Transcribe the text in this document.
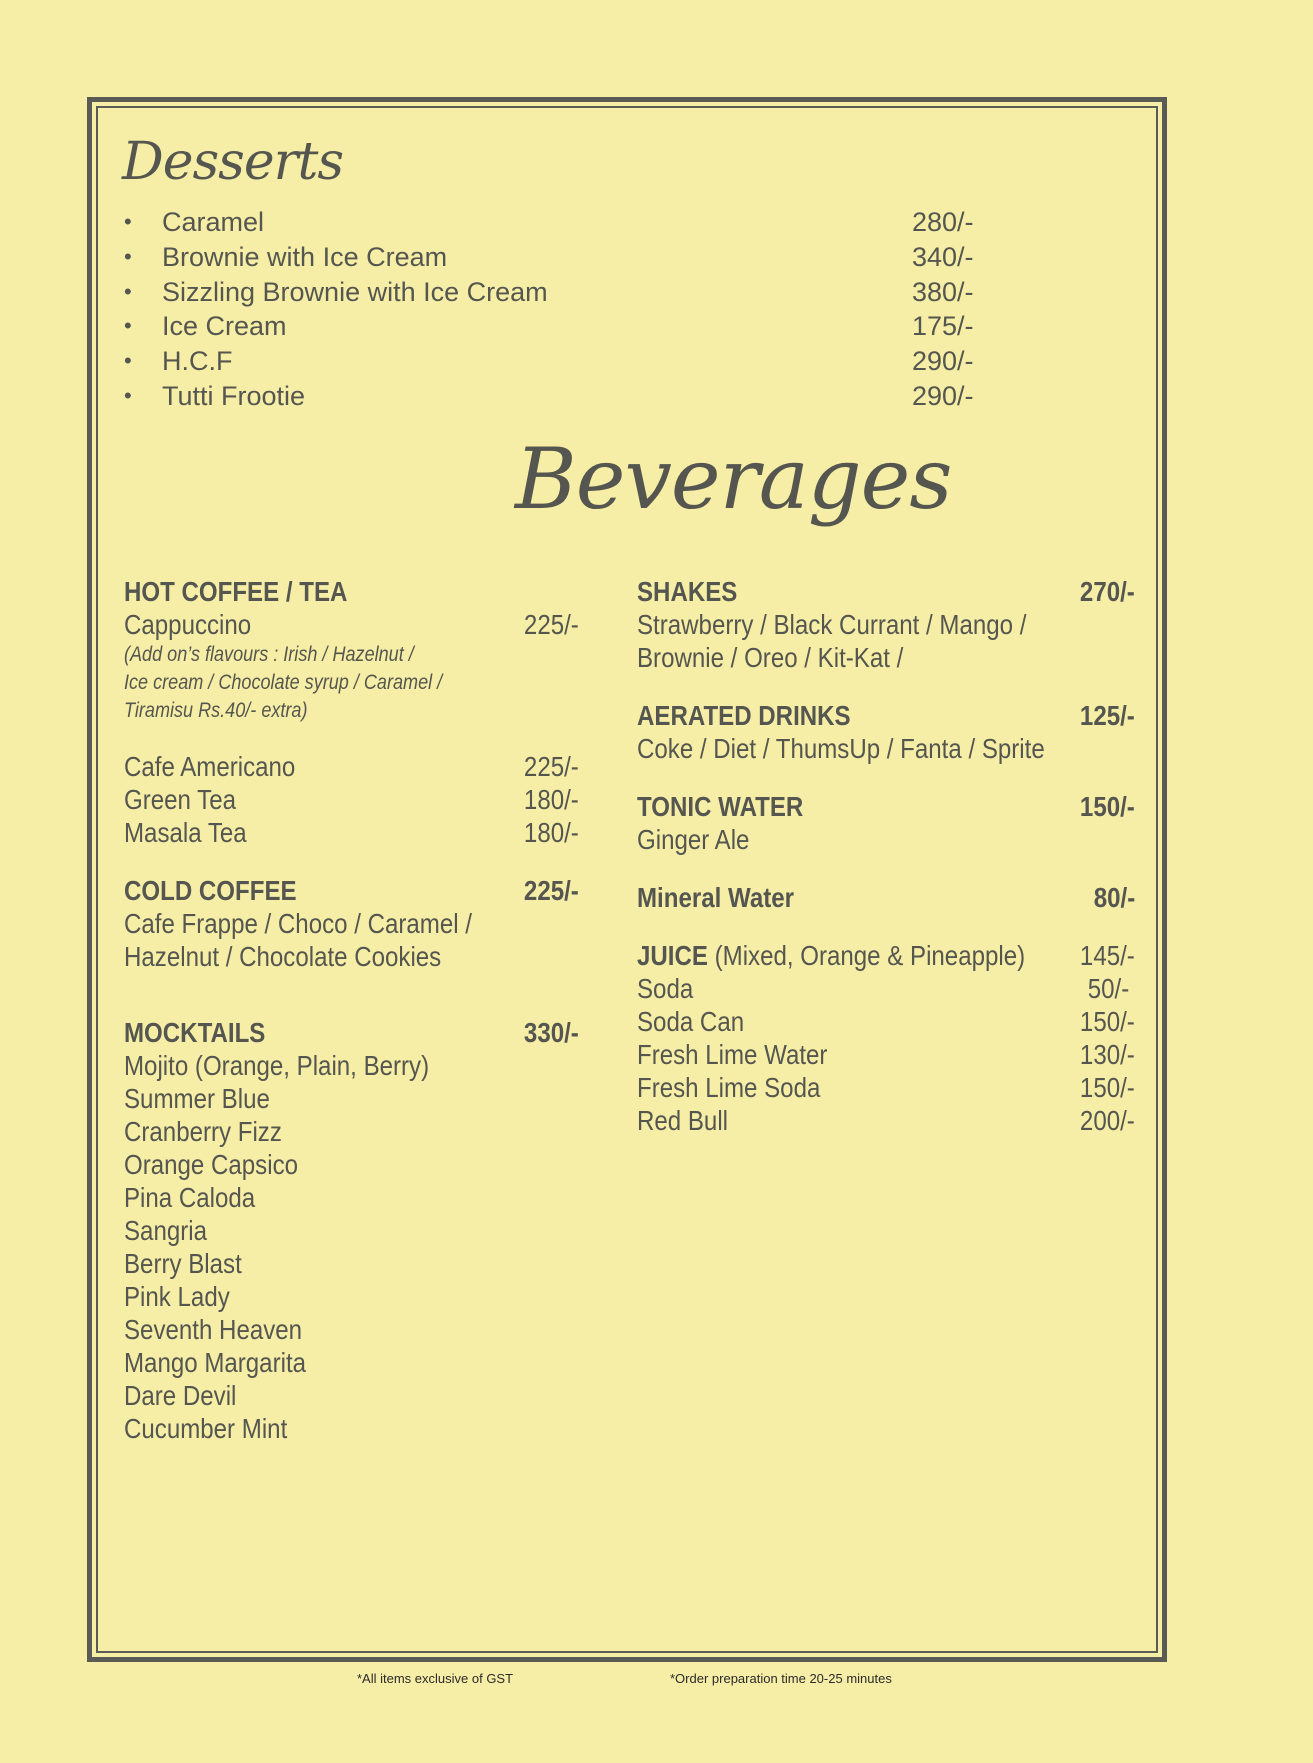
Desserts
• Caramel	280/-
• Brownie with Ice Cream	340/-
• Sizzling Brownie with Ice Cream	380/-
• Ice Cream	175/-
• H.C.F	290/-
• Tutti Frootie	290/-
Beverages
HOT COFFEE / TEA
Cappuccino	225/-
(Add on’s flavours : Irish / Hazelnut /
Ice cream / Chocolate syrup / Caramel /
Tiramisu Rs.40/- extra)
Cafe Americano	225/-
Green Tea	180/-
Masala Tea	180/-
COLD COFFEE	225/-
Cafe Frappe / Choco / Caramel /
Hazelnut / Chocolate Cookies
MOCKTAILS	330/-
Mojito (Orange, Plain, Berry)
Summer Blue
Cranberry Fizz
Orange Capsico
Pina Caloda
Sangria
Berry Blast
Pink Lady
Seventh Heaven
Mango Margarita
Dare Devil
Cucumber Mint
SHAKES	270/-
Strawberry / Black Currant / Mango /
Brownie / Oreo / Kit-Kat /
AERATED DRINKS	125/-
Coke / Diet / ThumsUp / Fanta / Sprite
TONIC WATER	150/-
Ginger Ale
Mineral Water	80/-
JUICE (Mixed, Orange & Pineapple)	145/-
Soda	50/-
Soda Can	150/-
Fresh Lime Water	130/-
Fresh Lime Soda	150/-
Red Bull	200/-
*All items exclusive of GST	*Order preparation time 20-25 minutes
